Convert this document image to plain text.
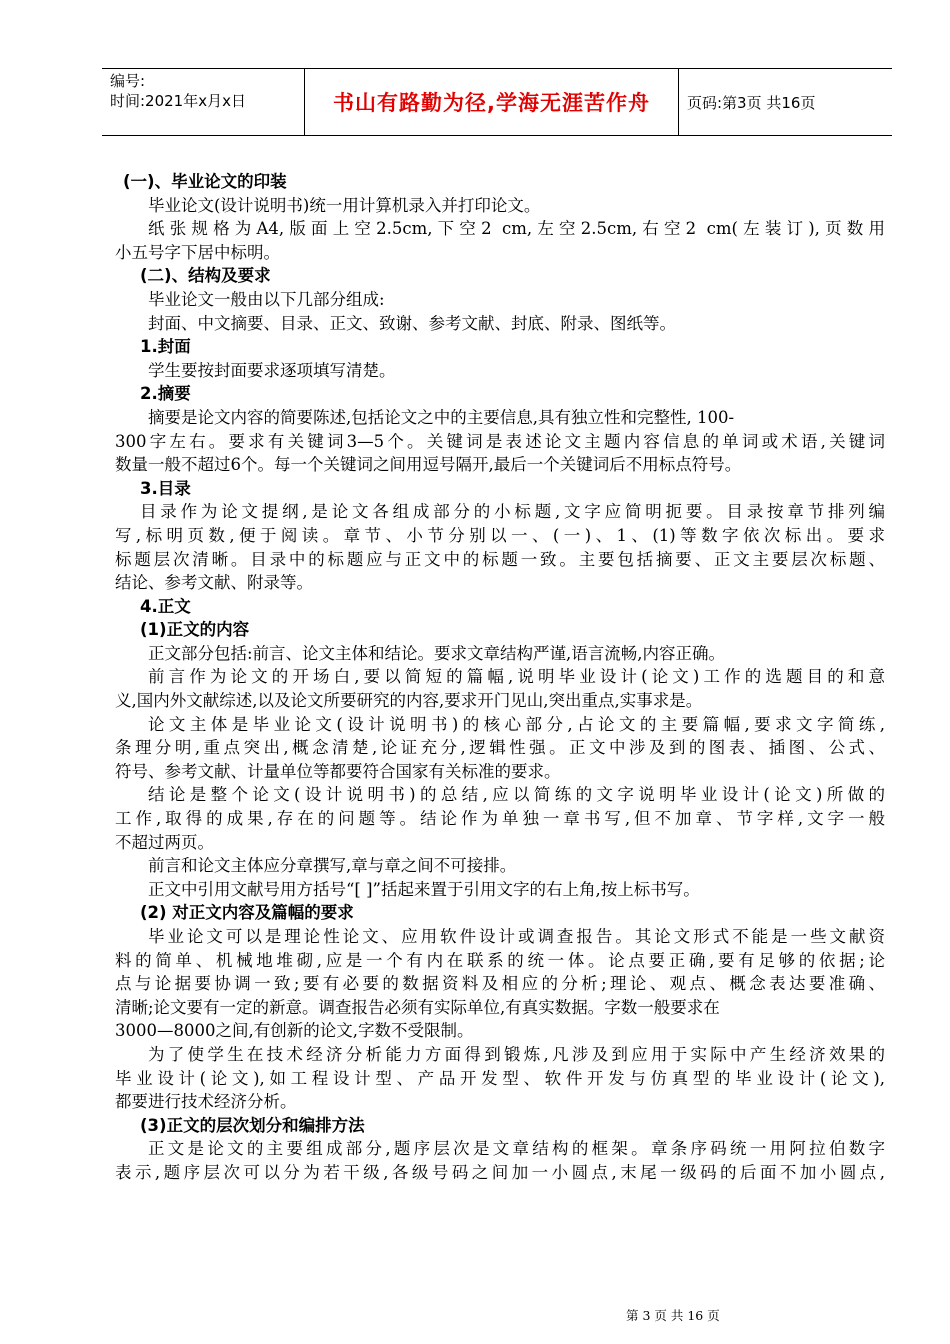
编号:
时间:2021年x月x日	书山有路勤为径,学海无涯苦作舟 页码:第3页 共16页
(一)、毕业论文的印装
毕业论文(设计说明书)统一用计算机录入并打印论文。
纸张规格为A4,版面上空2.5cm,下空2 cm,左空2.5cm,右空2 cm(左装订),页数用
小五号字下居中标明。
(二)、结构及要求
毕业论文一般由以下几部分组成:
封面、中文摘要、目录、正文、致谢、参考文献、封底、附录、图纸等。
1.封面
学生要按封面要求逐项填写清楚。
2.摘要
摘要是论文内容的简要陈述,包括论文之中的主要信息,具有独立性和完整性, 100-
300字左右。要求有关键词3—5个。关键词是表述论文主题内容信息的单词或术语,关键词
数量一般不超过6个。每一个关键词之间用逗号隔开,最后一个关键词后不用标点符号。
3.目录
目录作为论文提纲,是论文各组成部分的小标题,文字应简明扼要。目录按章节排列编
写,标明页数,便于阅读。章节、小节分别以一、(一)、1、(1)等数字依次标出。要求
标题层次清晰。目录中的标题应与正文中的标题一致。主要包括摘要、正文主要层次标题、
结论、参考文献、附录等。
4.正文
(1)正文的内容
正文部分包括:前言、论文主体和结论。要求文章结构严谨,语言流畅,内容正确。
前言作为论文的开场白,要以简短的篇幅,说明毕业设计(论文)工作的选题目的和意
义,国内外文献综述,以及论文所要研究的内容,要求开门见山,突出重点,实事求是。
论文主体是毕业论文(设计说明书)的核心部分,占论文的主要篇幅,要求文字简练,
条理分明,重点突出,概念清楚,论证充分,逻辑性强。正文中涉及到的图表、插图、公式、
符号、参考文献、计量单位等都要符合国家有关标准的要求。
结论是整个论文(设计说明书)的总结,应以简练的文字说明毕业设计(论文)所做的
工作,取得的成果,存在的问题等。结论作为单独一章书写,但不加章、节字样,文字一般
不超过两页。
前言和论文主体应分章撰写,章与章之间不可接排。
正文中引用文献号用方括号“[ ]”括起来置于引用文字的右上角,按上标书写。
(2) 对正文内容及篇幅的要求
毕业论文可以是理论性论文、应用软件设计或调查报告。其论文形式不能是一些文献资
料的简单、机械地堆砌,应是一个有内在联系的统一体。论点要正确,要有足够的依据;论
点与论据要协调一致;要有必要的数据资料及相应的分析;理论、观点、概念表达要准确、
清晰;论文要有一定的新意。调查报告必须有实际单位,有真实数据。字数一般要求在
3000—8000之间,有创新的论文,字数不受限制。
为了使学生在技术经济分析能力方面得到锻炼,凡涉及到应用于实际中产生经济效果的
毕业设计(论文),如工程设计型、产品开发型、软件开发与仿真型的毕业设计(论文),
都要进行技术经济分析。
(3)正文的层次划分和编排方法
正文是论文的主要组成部分,题序层次是文章结构的框架。章条序码统一用阿拉伯数字
表示,题序层次可以分为若干级,各级号码之间加一小圆点,末尾一级码的后面不加小圆点,
第 3 页 共 16 页
